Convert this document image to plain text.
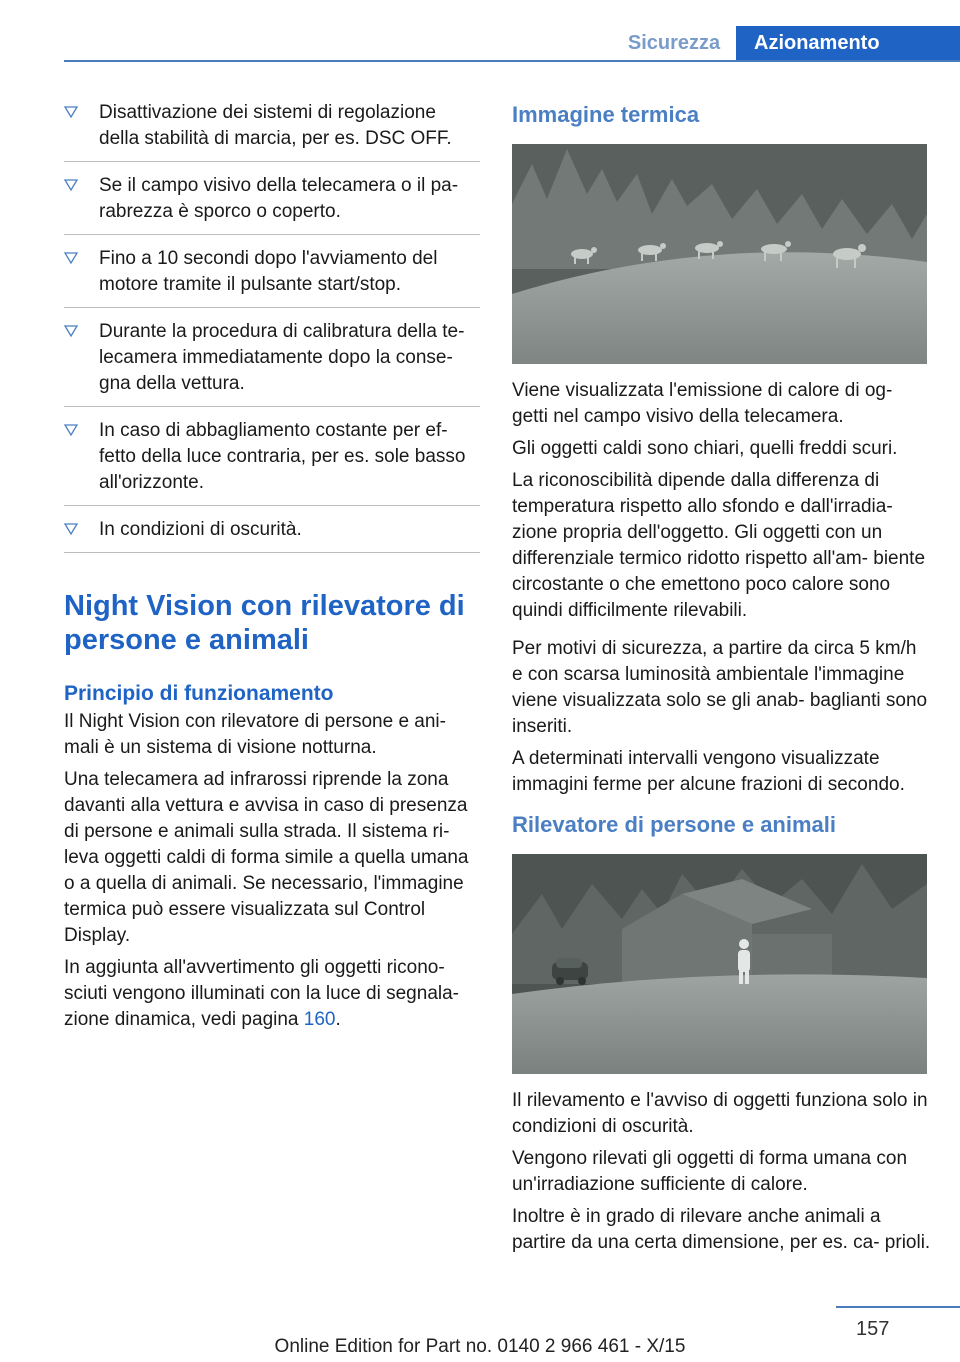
Sicurezza	Azionamento
Disattivazione dei sistemi di regolazione della stabilità di marcia, per es. DSC OFF.
Se il campo visivo della telecamera o il pa‐ rabrezza è sporco o coperto.
Fino a 10 secondi dopo l'avviamento del motore tramite il pulsante start/stop.
Durante la procedura di calibratura della te‐ lecamera immediatamente dopo la conse‐ gna della vettura.
In caso di abbagliamento costante per ef‐ fetto della luce contraria, per es. sole basso all'orizzonte.
In condizioni di oscurità.
Night Vision con rilevatore di persone e animali
Principio di funzionamento

Il Night Vision con rilevatore di persone e ani‐ mali è un sistema di visione notturna.

Una telecamera ad infrarossi riprende la zona davanti alla vettura e avvisa in caso di presenza di persone e animali sulla strada. Il sistema ri‐ leva oggetti caldi di forma simile a quella umana o a quella di animali. Se necessario, l'immagine termica può essere visualizzata sul Control Display.

In aggiunta all'avvertimento gli oggetti ricono‐ sciuti vengono illuminati con la luce di segnala‐ zione dinamica, vedi pagina 160.

Immagine termica

Viene visualizzata l'emissione di calore di og‐ getti nel campo visivo della telecamera.

Gli oggetti caldi sono chiari, quelli freddi scuri.

La riconoscibilità dipende dalla differenza di temperatura rispetto allo sfondo e dall'irradia‐ zione propria dell'oggetto. Gli oggetti con un differenziale termico ridotto rispetto all'am‐ biente circostante o che emettono poco calore sono quindi difficilmente rilevabili.

Per motivi di sicurezza, a partire da circa 5 km/h e con scarsa luminosità ambientale l'immagine viene visualizzata solo se gli anab‐ baglianti sono inseriti.

A determinati intervalli vengono visualizzate immagini ferme per alcune frazioni di secondo.

Rilevatore di persone e animali

Il rilevamento e l'avviso di oggetti funziona solo in condizioni di oscurità.

Vengono rilevati gli oggetti di forma umana con un'irradiazione sufficiente di calore.

Inoltre è in grado di rilevare anche animali a partire da una certa dimensione, per es. ca‐ prioli.

157
Online Edition for Part no. 0140 2 966 461 - X/15
